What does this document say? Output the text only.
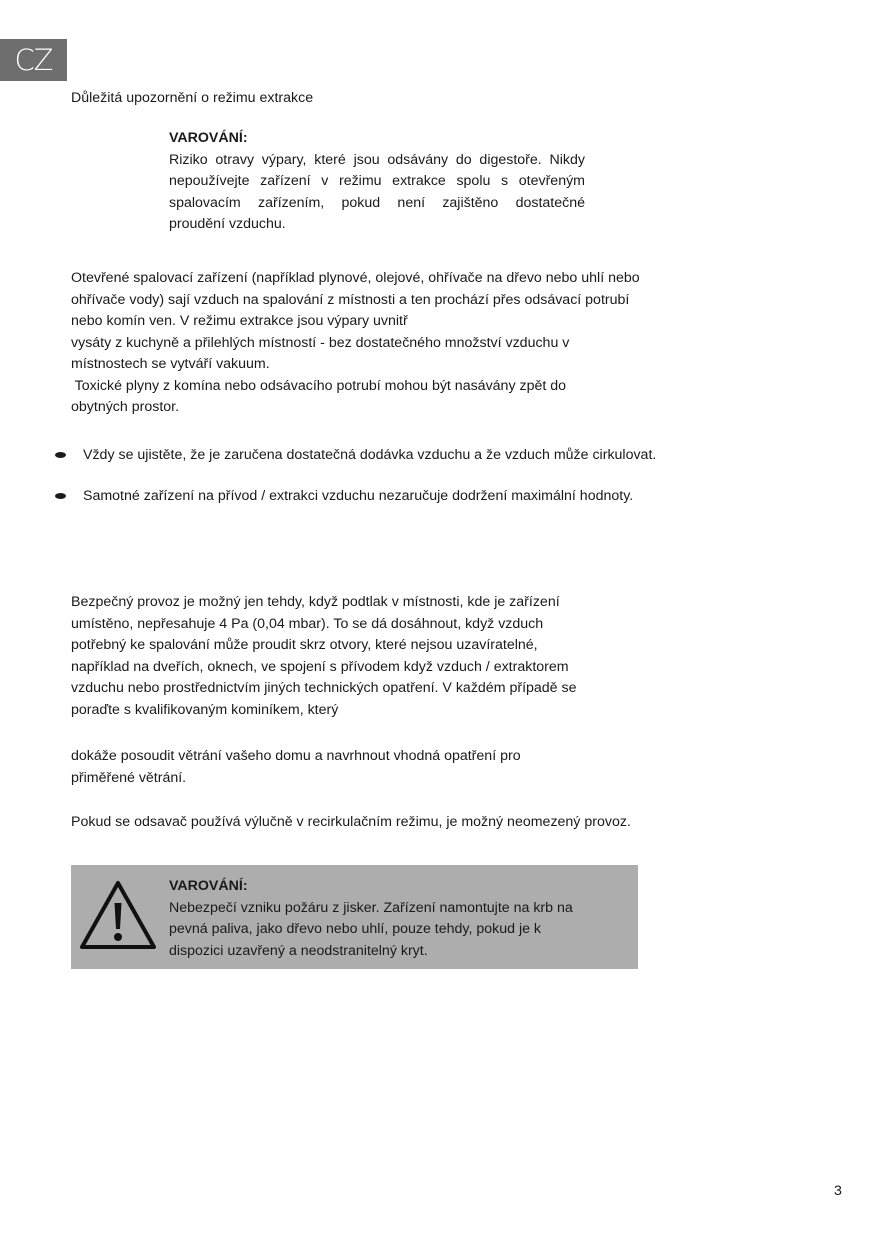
CZ
Důležitá upozornění o režimu extrakce
VAROVÁNÍ:
Riziko otravy výpary, které jsou odsávány do digestoře. Nikdy
nepoužívejte zařízení v režimu extrakce spolu s otevřeným
spalovacím zařízením, pokud není zajištěno dostatečné
proudění vzduchu.
Otevřené spalovací zařízení (například plynové, olejové, ohřívače na dřevo nebo uhlí nebo
ohřívače vody) sají vzduch na spalování z místnosti a ten prochází přes odsávací potrubí
nebo komín ven. V režimu extrakce jsou výpary uvnitř
vysáty z kuchyně a přilehlých místností - bez dostatečného množství vzduchu v
místnostech se vytváří vakuum.
Toxické plyny z komína nebo odsávacího potrubí mohou být nasávány zpět do
obytných prostor.
Vždy se ujistěte, že je zaručena dostatečná dodávka vzduchu a že vzduch může cirkulovat.
Samotné zařízení na přívod / extrakci vzduchu nezaručuje dodržení maximální hodnoty.
Bezpečný provoz je možný jen tehdy, když podtlak v místnosti, kde je zařízení
umístěno, nepřesahuje 4 Pa (0,04 mbar). To se dá dosáhnout, když vzduch
potřebný ke spalování může proudit skrz otvory, které nejsou uzavíratelné,
například na dveřích, oknech, ve spojení s přívodem když vzduch / extraktorem
vzduchu nebo prostřednictvím jiných technických opatření. V každém případě se
poraďte s kvalifikovaným kominíkem, který
dokáže posoudit větrání vašeho domu a navrhnout vhodná opatření pro
přiměřené větrání.
Pokud se odsavač používá výlučně v recirkulačním režimu, je možný neomezený provoz.
VAROVÁNÍ:
Nebezpečí vzniku požáru z jisker. Zařízení namontujte na krb na
pevná paliva, jako dřevo nebo uhlí, pouze tehdy, pokud je k
dispozici uzavřený a neodstranitelný kryt.
3
